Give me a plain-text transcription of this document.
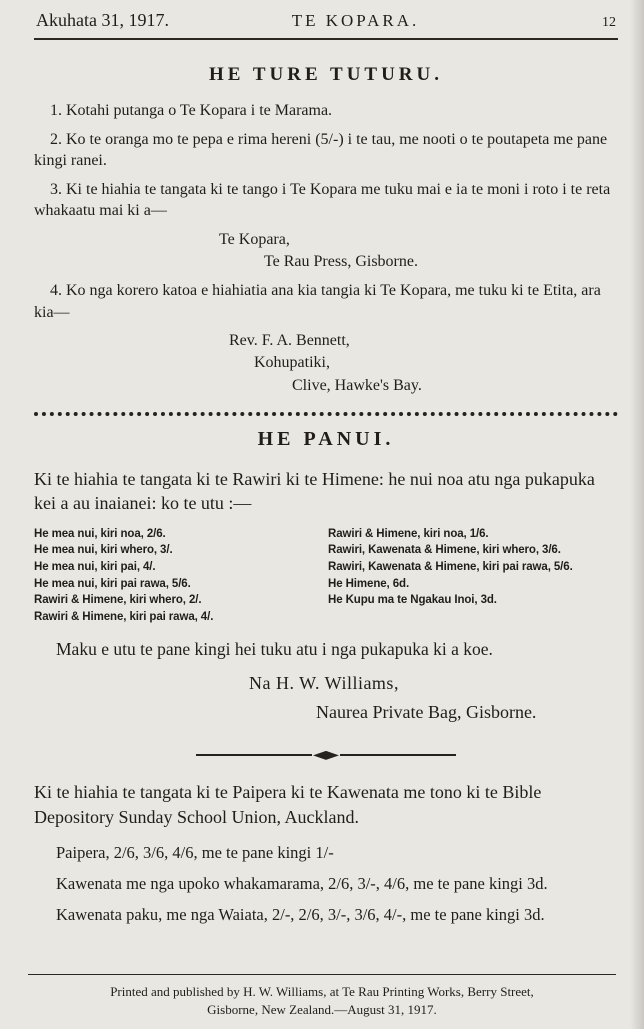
Akuhata 31, 1917.	TE KOPARA.	12
HE TURE TUTURU.

1. Kotahi putanga o Te Kopara i te Marama.

2. Ko te oranga mo te pepa e rima hereni (5/-) i te tau, me nooti o te poutapeta me pane kingi ranei.

3. Ki te hiahia te tangata ki te tango i Te Kopara me tuku mai e ia te moni i roto i te reta whakaatu mai ki a—

Te Kopara,
Te Rau Press, Gisborne.

4. Ko nga korero katoa e hiahiatia ana kia tangia ki Te Kopara, me tuku ki te Etita, ara kia—

Rev. F. A. Bennett,
Kohupatiki,
Clive, Hawke's Bay.
HE PANUI.

Ki te hiahia te tangata ki te Rawiri ki te Himene: he nui noa atu nga pukapuka kei a au inaianei: ko te utu :—

He mea nui, kiri noa, 2/6.
He mea nui, kiri whero, 3/.
He mea nui, kiri pai, 4/.
He mea nui, kiri pai rawa, 5/6.
Rawiri & Himene, kiri whero, 2/.
Rawiri & Himene, kiri pai rawa, 4/.
Rawiri & Himene, kiri noa, 1/6.
Rawiri, Kawenata & Himene, kiri whero, 3/6.
Rawiri, Kawenata & Himene, kiri pai rawa, 5/6.
He Himene, 6d.
He Kupu ma te Ngakau Inoi, 3d.

Maku e utu te pane kingi hei tuku atu i nga pukapuka ki a koe.

Na H. W. Williams,
Naurea Private Bag, Gisborne.

Ki te hiahia te tangata ki te Paipera ki te Kawenata me tono ki te Bible Depository Sunday School Union, Auckland.

Paipera, 2/6, 3/6, 4/6, me te pane kingi 1/-

Kawenata me nga upoko whakamarama, 2/6, 3/-, 4/6, me te pane kingi 3d.

Kawenata paku, me nga Waiata, 2/-, 2/6, 3/-, 3/6, 4/-, me te pane kingi 3d.

Printed and published by H. W. Williams, at Te Rau Printing Works, Berry Street,
Gisborne, New Zealand.—August 31, 1917.
